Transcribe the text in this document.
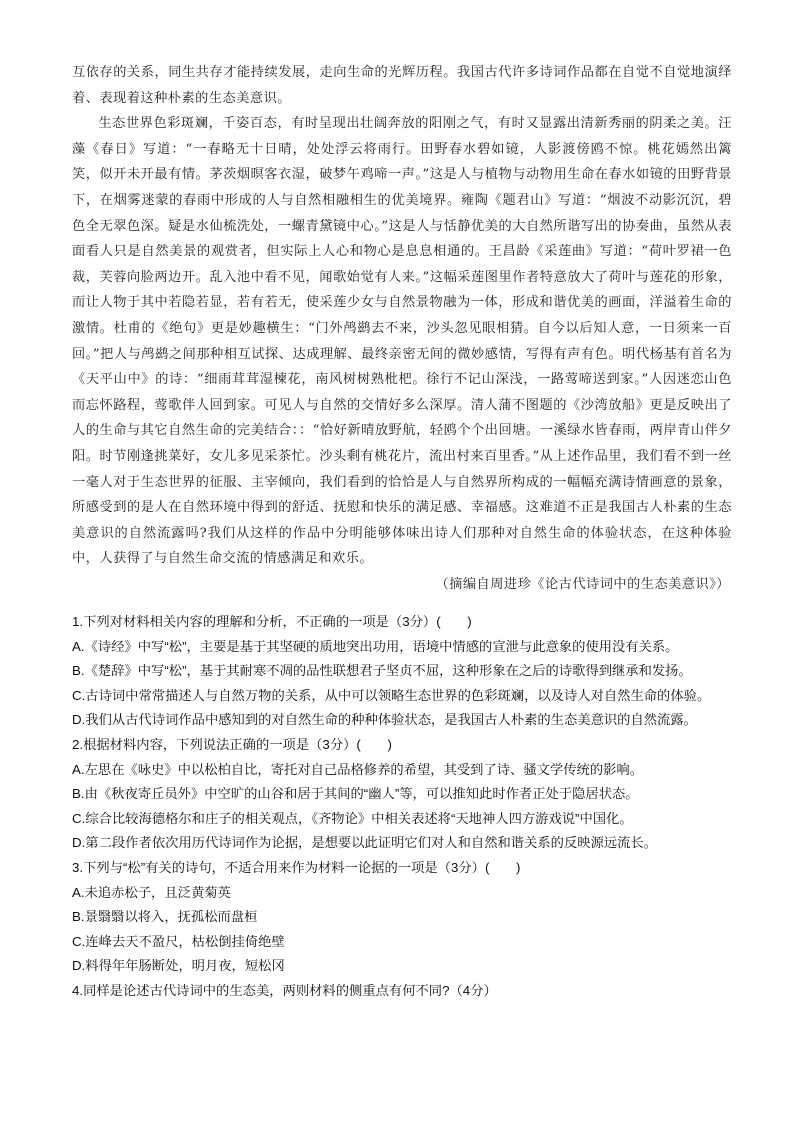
互依存的关系，同生共存才能持续发展，走向生命的光辉历程。我国古代许多诗词作品都在自觉不自觉地演绎着、表现着这种朴素的生态美意识。

生态世界色彩斑斓，千姿百态，有时呈现出壮阔奔放的阳刚之气，有时又显露出清新秀丽的阴柔之美。汪藻《春日》写道：“一春略无十日晴，处处浮云将雨行。田野春水碧如镜，人影渡傍鸥不惊。桃花嫣然出篱笑，似开未开最有情。茅茨烟暝客衣湿，破梦午鸡啼一声。”这是人与植物与动物用生命在春水如镜的田野背景下，在烟雾迷蒙的春雨中形成的人与自然相融相生的优美境界。雍陶《题君山》写道：“烟波不动影沉沉，碧色全无翠色深。疑是水仙梳洗处，一螺青黛镜中心。”这是人与恬静优美的大自然所谐写出的协奏曲，虽然从表面看人只是自然美景的观赏者，但实际上人心和物心是息息相通的。王昌龄《采莲曲》写道：“荷叶罗裙一色裁，芙蓉向脸两边开。乱入池中看不见，闻歌始觉有人来。”这幅采莲图里作者特意放大了荷叶与莲花的形象，而让人物于其中若隐若显，若有若无，使采莲少女与自然景物融为一体，形成和谐优美的画面，洋溢着生命的激情。杜甫的《绝句》更是妙趣横生：“门外鸬鹚去不来，沙头忽见眼相猜。自今以后知人意，一日须来一百回。”把人与鸬鹚之间那种相互试探、达成理解、最终亲密无间的微妙感情，写得有声有色。明代杨基有首名为《天平山中》的诗：“细雨茸茸湿楝花，南风树树熟枇杷。徐行不记山深浅，一路莺啼送到家。”人因迷恋山色而忘怀路程，莺歌伴人回到家。可见人与自然的交情好多么深厚。清人蒲不图题的《沙湾放船》更是反映出了人的生命与其它自然生命的完美结合：：“恰好新晴放野航，轻鸥个个出回塘。一溪绿水皆春雨，两岸青山伴夕阳。时节刚逢挑菜好，女儿多见采茶忙。沙头剩有桃花片，流出村来百里香。”从上述作品里，我们看不到一丝一毫人对于生态世界的征服、主宰倾向，我们看到的恰恰是人与自然界所构成的一幅幅充满诗情画意的景象，所感受到的是人在自然环境中得到的舒适、抚慰和快乐的满足感、幸福感。这难道不正是我国古人朴素的生态美意识的自然流露吗?我们从这样的作品中分明能够体味出诗人们那种对自然生命的体验状态，在这种体验中，人获得了与自然生命交流的情感满足和欢乐。

（摘编自周进珍《论古代诗词中的生态美意识》）

1.下列对材料相关内容的理解和分析，不正确的一项是（3分）(　　)
A.《诗经》中写“松”，主要是基于其坚硬的质地突出功用，语境中情感的宣泄与此意象的使用没有关系。
B.《楚辞》中写“松”，基于其耐寒不凋的品性联想君子坚贞不屈，这种形象在之后的诗歌得到继承和发扬。
C.古诗词中常常描述人与自然万物的关系，从中可以领略生态世界的色彩斑斓，以及诗人对自然生命的体验。
D.我们从古代诗词作品中感知到的对自然生命的种种体验状态，是我国古人朴素的生态美意识的自然流露。
2.根据材料内容，下列说法正确的一项是（3分）(　　)
A.左思在《咏史》中以松柏自比，寄托对自己品格修养的希望，其受到了诗、骚文学传统的影响。
B.由《秋夜寄丘员外》中空旷的山谷和居于其间的“幽人”等，可以推知此时作者正处于隐居状态。
C.综合比较海德格尔和庄子的相关观点，《齐物论》中相关表述将“天地神人四方游戏说”中国化。
D.第二段作者依次用历代诗词作为论据，是想要以此证明它们对人和自然和谐关系的反映源远流长。
3.下列与“松”有关的诗句，不适合用来作为材料一论据的一项是（3分）(　　)
A.未追赤松子，且泛黄菊英
B.景翳翳以将入，抚孤松而盘桓
C.连峰去天不盈尺，枯松倒挂倚绝壁
D.料得年年肠断处，明月夜，短松冈
4.同样是论述古代诗词中的生态美，两则材料的侧重点有何不同?（4分）
